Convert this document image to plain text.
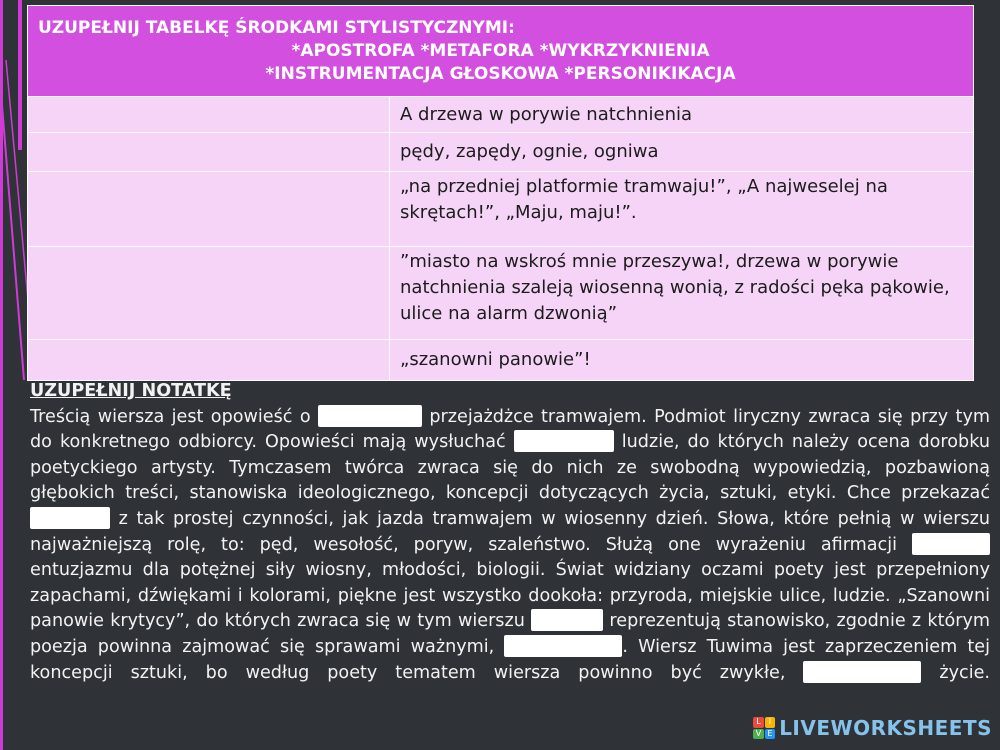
UZUPEŁNIJ TABELKĘ ŚRODKAMI STYLISTYCZNYMI:
*APOSTROFA *METAFORA *WYKRZYKNIENIA
*INSTRUMENTACJA GŁOSKOWA *PERSONIKIKACJA	

	A drzewa w porywie natchnienia
	pędy, zapędy, ognie, ogniwa
	„na przedniej platformie tramwaju!”, „A najweselej na skrętach!”, „Maju, maju!”.
	”miasto na wskroś mnie przeszywa!, drzewa w porywie natchnienia szaleją wiosenną wonią, z radości pęka pąkowie, ulice na alarm dzwonią”
	„szanowni panowie”!
UZUPEŁNIJ NOTATKĘ

Treścią wiersza jest opowieść o	przejażdżce tramwajem. Podmiot liryczny zwraca się przy tym do konkretnego odbiorcy. Opowieści mają wysłuchać	ludzie, do których należy ocena dorobku poetyckiego artysty. Tymczasem twórca zwraca się do nich ze swobodną wypowiedzią, pozbawioną głębokich treści, stanowiska ideologicznego, koncepcji dotyczących życia, sztuki, etyki. Chce przekazać  z tak prostej czynności, jak jazda tramwajem w wiosenny dzień. Słowa, które pełnią w wierszu najważniejszą rolę, to: pęd, wesołość, poryw, szaleństwo. Służą one wyrażeniu afirmacji  entuzjazmu dla potężnej siły wiosny, młodości, biologii. Świat widziany oczami poety jest przepełniony zapachami, dźwiękami i kolorami, piękne jest wszystko dookoła: przyroda, miejskie ulice, ludzie. „Szanowni panowie krytycy”, do których zwraca się w tym wierszu	reprezentują stanowisko, zgodnie z którym poezja powinna zajmować się sprawami ważnymi,	. Wiersz Tuwima jest zaprzeczeniem tej koncepcji sztuki, bo według poety tematem wiersza powinno być zwykłe,	życie.

L	I
V E LIVEWORKSHEETS
